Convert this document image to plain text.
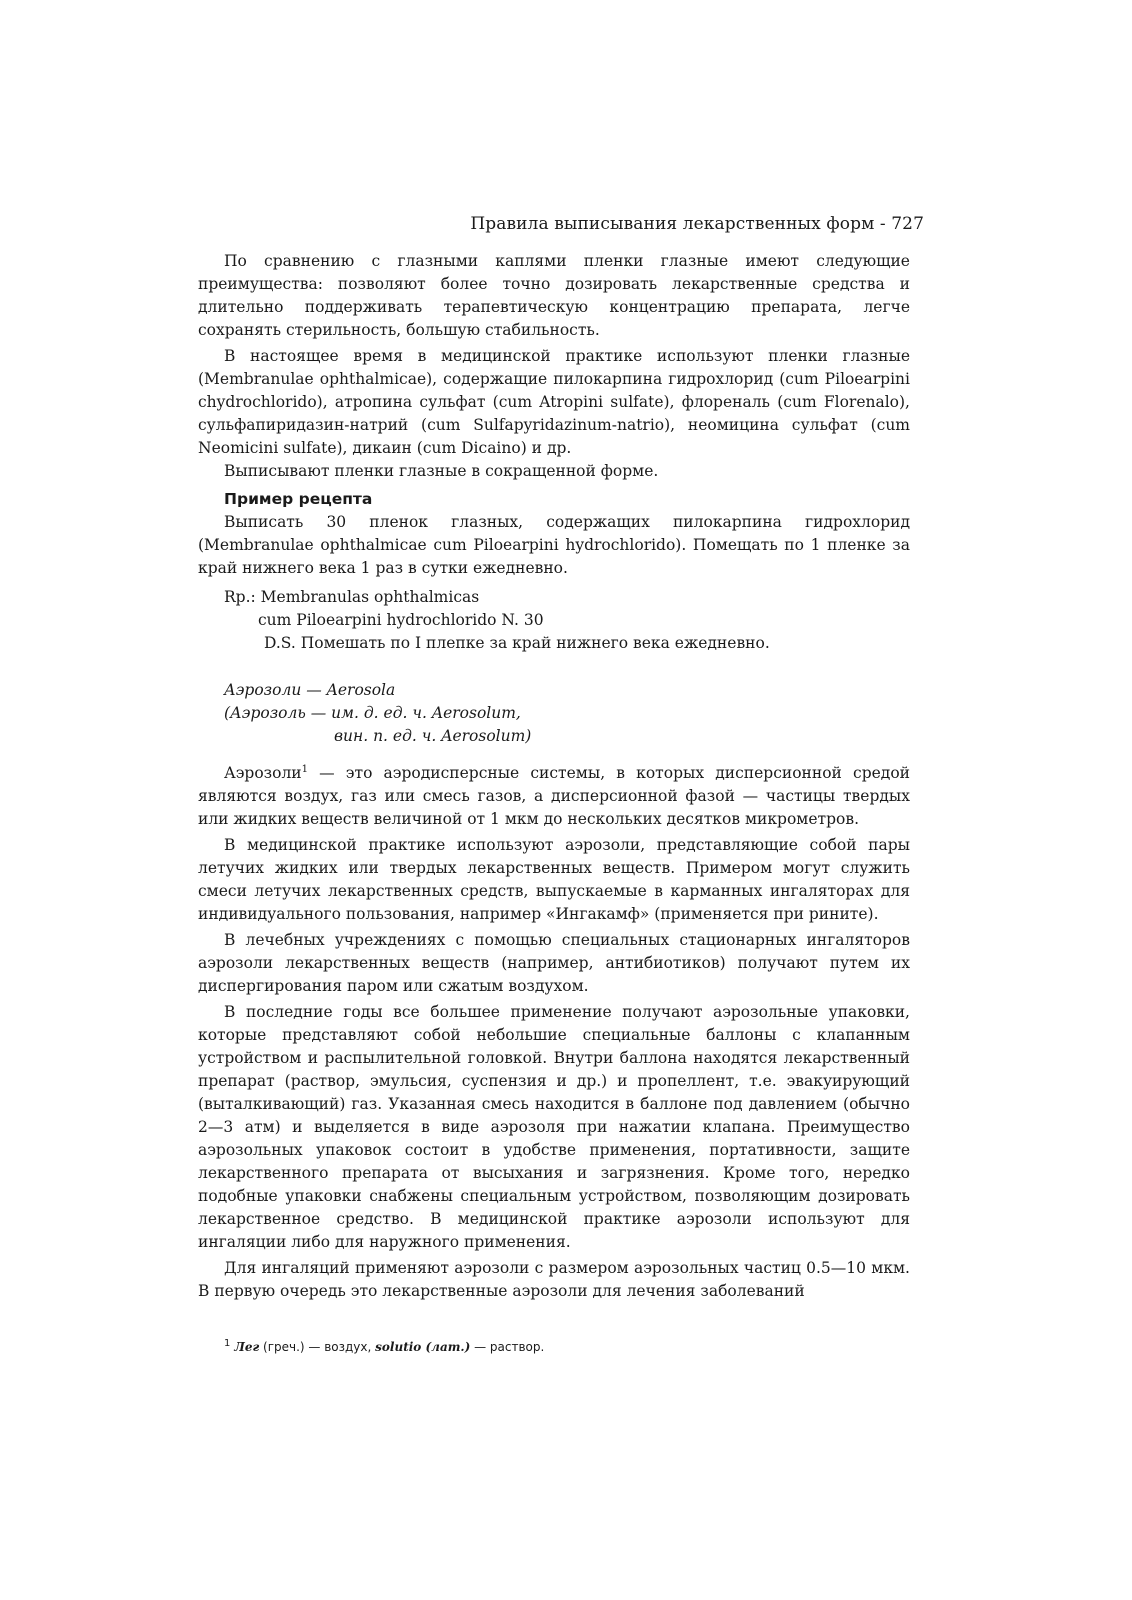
Правила выписывания лекарственных форм - 727

По сравнению с глазными каплями пленки глазные имеют следующие преимущества: позволяют более точно дозировать лекарственные средства и длительно поддерживать терапевтическую концентрацию препарата, легче сохранять стерильность, большую стабильность.

В настоящее время в медицинской практике используют пленки глазные (Membranulae ophthalmicae), содержащие пилокарпина гидрохлорид (cum Piloearpini chydrochlorido), атропина сульфат (cum Atropini sulfate), флореналь (cum Florenalo), сульфапиридазин-натрий (cum Sulfapyridazinum-natrio), неомицина сульфат (cum Neomicini sulfate), дикаин (cum Dicaino) и др.

Выписывают пленки глазные в сокращенной форме.

Пример рецепта

Выписать 30 пленок глазных, содержащих пилокарпина гидрохлорид (Membranulae ophthalmicae cum Piloearpini hydrochlorido). Помещать по 1 пленке за край нижнего века 1 раз в сутки ежедневно.

Rp.: Membranulas ophthalmicas
cum Piloearpini hydrochlorido N. 30
D.S. Помешать по I плепке за край нижнего века ежедневно.
Аэрозоли — Aerosola
(Аэрозоль — им. д. ед. ч. Aerosolum,
вин. п. ед. ч. Aerosolum)

Аэрозоли$^1$ — это аэродисперсные системы, в которых дисперсионной средой являются воздух, газ или смесь газов, а дисперсионной фазой — частицы твердых или жидких веществ величиной от 1 мкм до нескольких десятков микрометров.

В медицинской практике используют аэрозоли, представляющие собой пары летучих жидких или твердых лекарственных веществ. Примером могут служить смеси летучих лекарственных средств, выпускаемые в карманных ингаляторах для индивидуального пользования, например «Ингакамф» (применяется при рините).

В лечебных учреждениях с помощью специальных стационарных ингаляторов аэрозоли лекарственных веществ (например, антибиотиков) получают путем их диспергирования паром или сжатым воздухом.

В последние годы все большее применение получают аэрозольные упаковки, которые представляют собой небольшие специальные баллоны с клапанным устройством и распылительной головкой. Внутри баллона находятся лекарственный препарат (раствор, эмульсия, суспензия и др.) и пропеллент, т.е. эвакуирующий (выталкивающий) газ. Указанная смесь находится в баллоне под давлением (обычно 2—3 атм) и выделяется в виде аэрозоля при нажатии клапана. Преимущество аэрозольных упаковок состоит в удобстве применения, портативности, защите лекарственного препарата от высыхания и загрязнения. Кроме того, нередко подобные упаковки снабжены специальным устройством, позволяющим дозировать лекарственное средство. В медицинской практике аэрозоли используют для ингаляции либо для наружного применения.

Для ингаляций применяют аэрозоли с размером аэрозольных частиц 0.5—10 мкм. В первую очередь это лекарственные аэрозоли для лечения заболеваний

$^1$ Лег (греч.) — воздух, solutio (лат.) — раствор.
